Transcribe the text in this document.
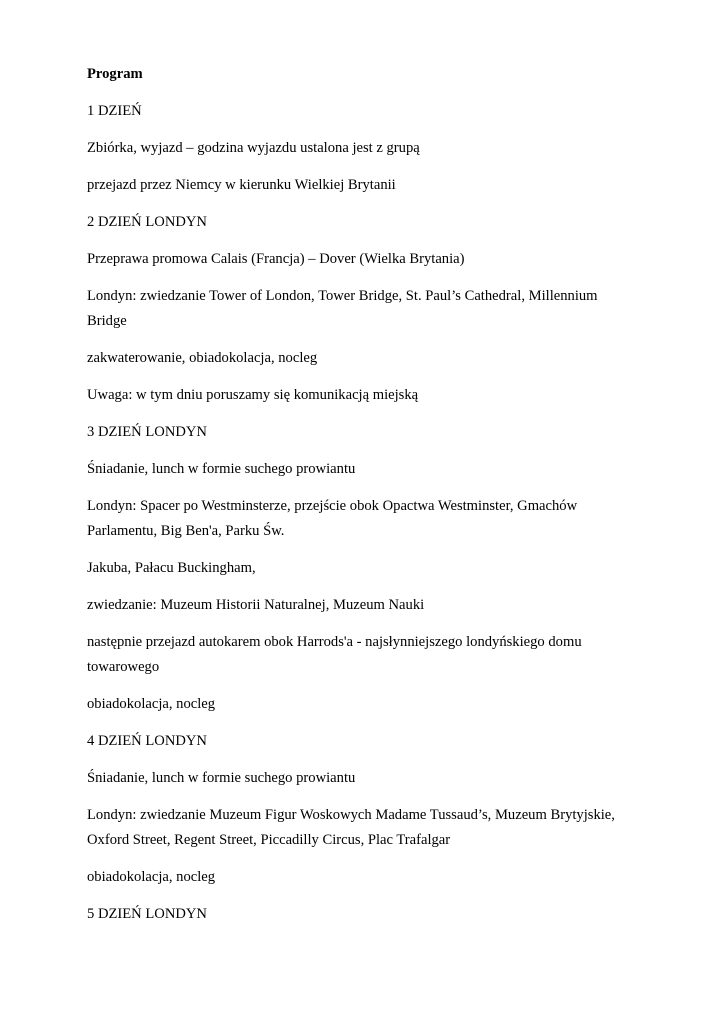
Program

1 DZIEŃ

Zbiórka, wyjazd – godzina wyjazdu ustalona jest z grupą

przejazd przez Niemcy w kierunku Wielkiej Brytanii

2 DZIEŃ LONDYN

Przeprawa promowa Calais (Francja) – Dover (Wielka Brytania)

Londyn: zwiedzanie Tower of London, Tower Bridge, St. Paul’s Cathedral, Millennium Bridge

zakwaterowanie, obiadokolacja, nocleg

Uwaga: w tym dniu poruszamy się komunikacją miejską

3 DZIEŃ LONDYN

Śniadanie, lunch w formie suchego prowiantu

Londyn: Spacer po Westminsterze, przejście obok Opactwa Westminster, Gmachów Parlamentu, Big Ben'a, Parku Św.

Jakuba, Pałacu Buckingham,

zwiedzanie: Muzeum Historii Naturalnej, Muzeum Nauki

następnie przejazd autokarem obok Harrods'a - najsłynniejszego londyńskiego domu towarowego

obiadokolacja, nocleg

4 DZIEŃ LONDYN

Śniadanie, lunch w formie suchego prowiantu

Londyn: zwiedzanie Muzeum Figur Woskowych Madame Tussaud’s, Muzeum Brytyjskie, Oxford Street, Regent Street, Piccadilly Circus, Plac Trafalgar

obiadokolacja, nocleg

5 DZIEŃ LONDYN
